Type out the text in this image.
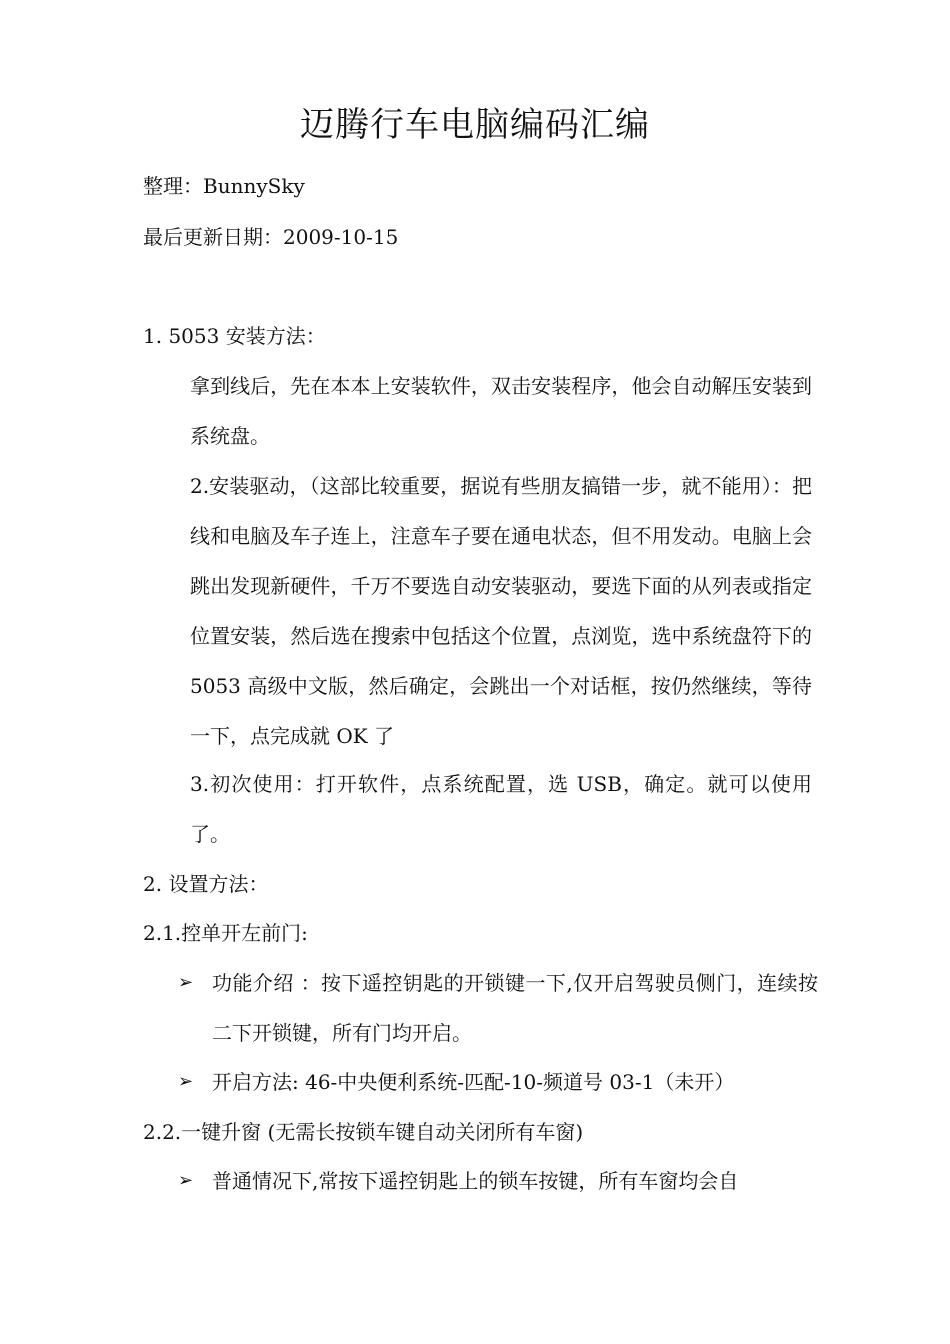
迈腾行车电脑编码汇编
整理：BunnySky
最后更新日期：2009-10-15
1. 5053 安装方法：

拿到线后，先在本本上安装软件，双击安装程序，他会自动解压安装到系统盘。

2.安装驱动，（这部比较重要，据说有些朋友搞错一步，就不能用）：把线和电脑及车子连上，注意车子要在通电状态，但不用发动。电脑上会跳出发现新硬件，千万不要选自动安装驱动，要选下面的从列表或指定位置安装，然后选在搜索中包括这个位置，点浏览，选中系统盘符下的 5053 高级中文版，然后确定，会跳出一个对话框，按仍然继续，等待一下，点完成就 OK 了

3.初次使用：打开软件，点系统配置，选 USB，确定。就可以使用了。

2. 设置方法：
2.1.控单开左前门:
➢ 功能介绍 ：按下遥控钥匙的开锁键一下,仅开启驾驶员侧门，连续按二下开锁键，所有门均开启。

➢ 开启方法: 46-中央便利系统-匹配-10-频道号 03-1（未开）

2.2.一键升窗 (无需长按锁车键自动关闭所有车窗)
➢ 普通情况下,常按下遥控钥匙上的锁车按键，所有车窗均会自
